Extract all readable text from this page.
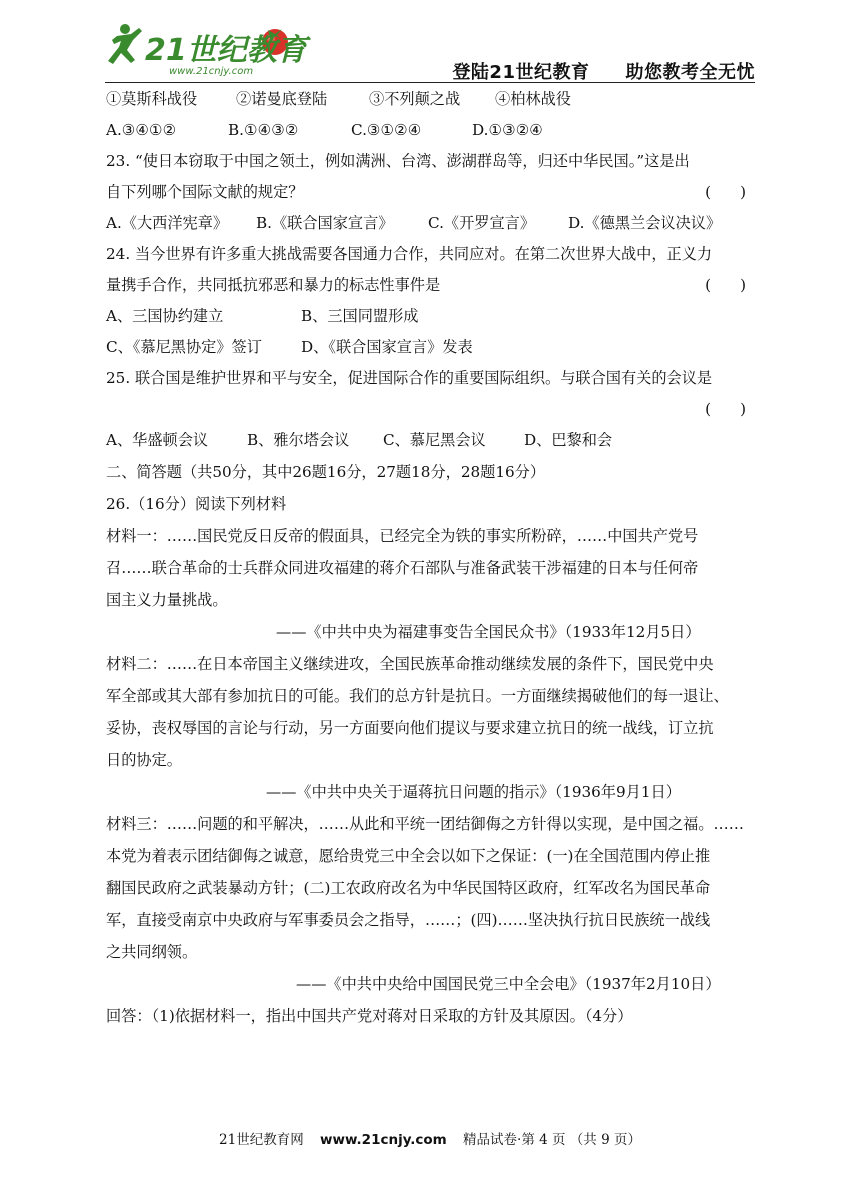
21世纪教育
www.21cnjy.com	登陆21世纪教育 助您教考全无忧
①莫斯科战役	②诺曼底登陆	③不列颠之战 ④柏林战役
A.③④①②	B.①④③②	C.③①②④	D.①③②④
23. “使日本窃取于中国之领土，例如满洲、台湾、澎湖群岛等，归还中华民国。”这是出
自下列哪个国际文献的规定？	(      )
A.《大西洋宪章》 B.《联合国家宣言》 C.《开罗宣言》 D.《德黑兰会议决议》
24. 当今世界有许多重大挑战需要各国通力合作，共同应对。在第二次世界大战中，正义力
量携手合作，共同抵抗邪恶和暴力的标志性事件是	(      )
A、三国协约建立	B、三国同盟形成
C、《慕尼黑协定》签订	D、《联合国家宣言》发表
25. 联合国是维护世界和平与安全，促进国际合作的重要国际组织。与联合国有关的会议是
(      )
A、华盛顿会议	B、雅尔塔会议 C、慕尼黑会议	D、巴黎和会
二、简答题（共50分，其中26题16分，27题18分，28题16分）
26.（16分）阅读下列材料
材料一：……国民党反日反帝的假面具，已经完全为铁的事实所粉碎，……中国共产党号
召……联合革命的士兵群众同进攻福建的蒋介石部队与准备武装干涉福建的日本与任何帝
国主义力量挑战。
——《中共中央为福建事变告全国民众书》（1933年12月5日）
材料二：……在日本帝国主义继续进攻，全国民族革命推动继续发展的条件下，国民党中央
军全部或其大部有参加抗日的可能。我们的总方针是抗日。一方面继续揭破他们的每一退让、
妥协，丧权辱国的言论与行动，另一方面要向他们提议与要求建立抗日的统一战线，订立抗
日的协定。
——《中共中央关于逼蒋抗日问题的指示》（1936年9月1日）
材料三：……问题的和平解决，……从此和平统一团结御侮之方针得以实现，是中国之福。……
本党为着表示团结御侮之诚意，愿给贵党三中全会以如下之保证：(一)在全国范围内停止推
翻国民政府之武装暴动方针；(二)工农政府改名为中华民国特区政府，红军改名为国民革命
军，直接受南京中央政府与军事委员会之指导，……；(四)……坚决执行抗日民族统一战线
之共同纲领。
——《中共中央给中国国民党三中全会电》（1937年2月10日）
回答：（1)依据材料一，指出中国共产党对蒋对日采取的方针及其原因。（4分）
21世纪教育网 www.21cnjy.com 精品试卷·第 4 页 （共 9 页）
